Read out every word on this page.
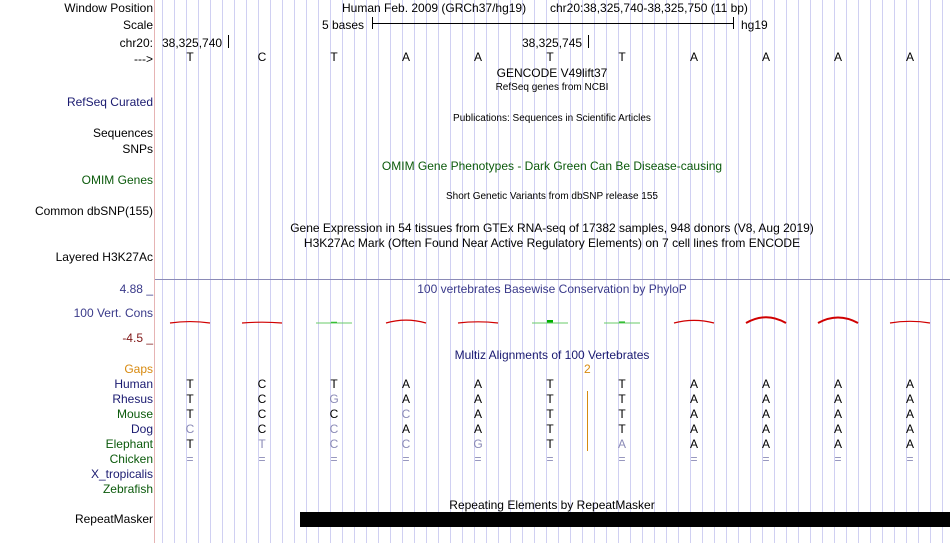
Window Position	Human Feb. 2009 (GRCh37/hg19) chr20:38,325,740-38,325,750 (11 bp)
Scale	5 bases	hg19
chr20: 38,325,740	38,325,745
--->	T	C	T	A	A	T	T	A	A	A	A
GENCODE V49lift37
RefSeq genes from NCBI
RefSeq Curated
Publications: Sequences in Scientific Articles
Sequences
SNPs
OMIM Gene Phenotypes - Dark Green Can Be Disease-causing
OMIM Genes
Short Genetic Variants from dbSNP release 155
Common dbSNP(155)
Gene Expression in 54 tissues from GTEx RNA-seq of 17382 samples, 948 donors (V8, Aug 2019)
H3K27Ac Mark (Often Found Near Active Regulatory Elements) on 7 cell lines from ENCODE
Layered H3K27Ac
4.88 _	100 vertebrates Basewise Conservation by PhyloP
100 Vert. Cons
-4.5 _
Gaps	2
Multiz Alignments of 100 Vertebrates
Human	T	C	T	A	A	T	T	A	A	A	A
Rhesus	T	C	G	A	A	T	T	A	A	A	A
Mouse	T	C	C	C	A	T	T	A	A	A	A
Dog	C	C	C	A	A	T	T	A	A	A	A
Elephant	T	T	C	C	G	T	A	A	A	A	A
Chicken	=	=	=	=	=	=	=	=	=	=	=
X_tropicalis
Zebrafish
Repeating Elements by RepeatMasker
RepeatMasker
